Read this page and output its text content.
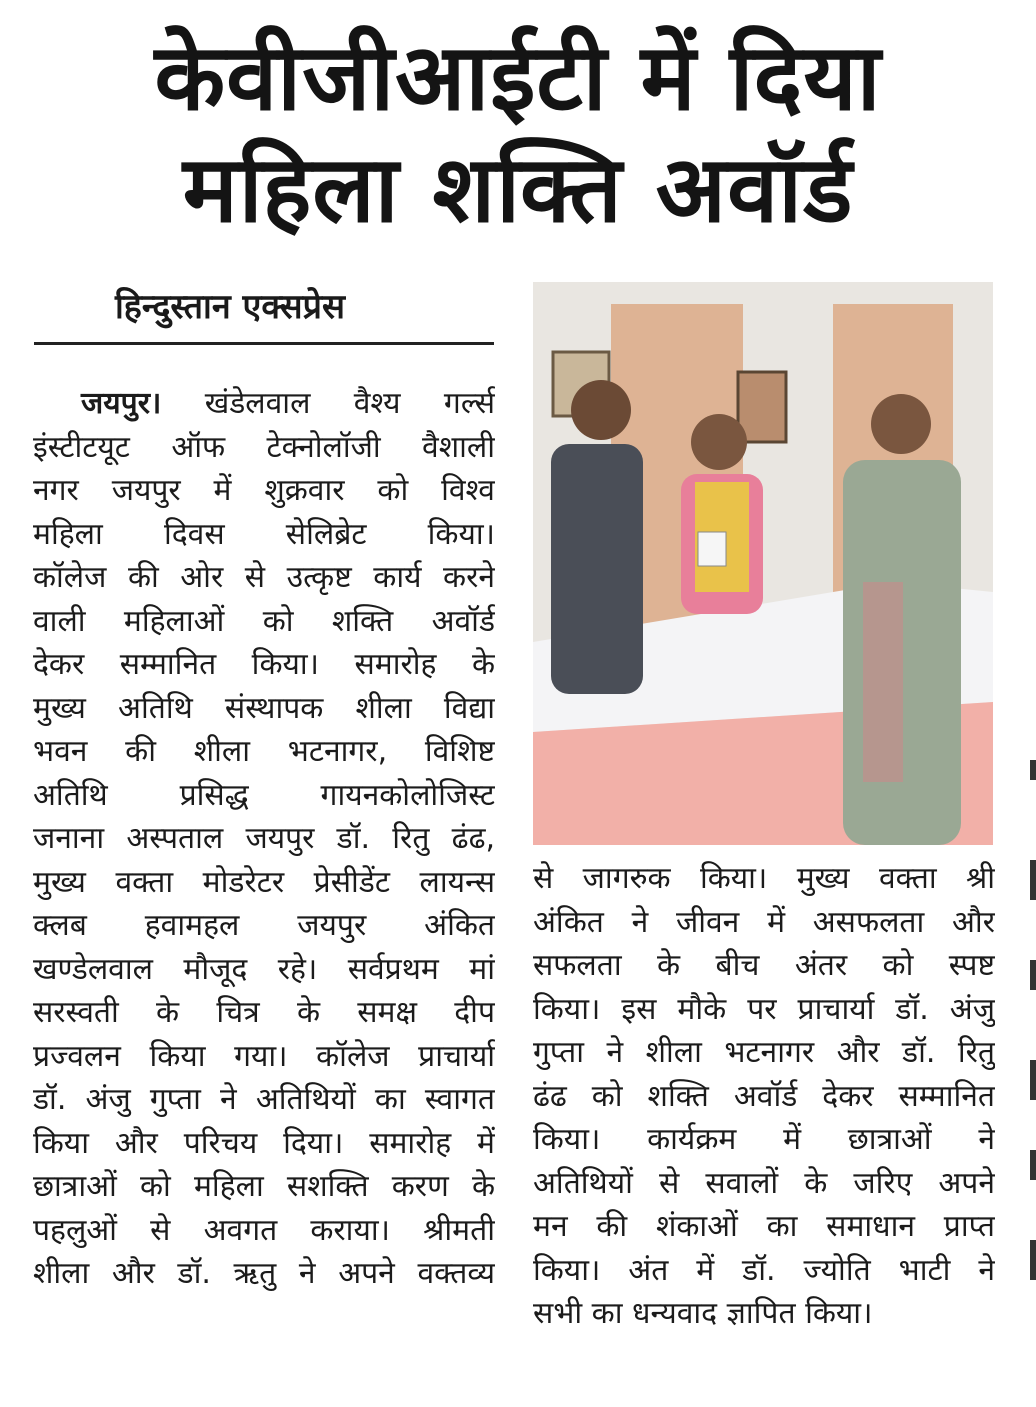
केवीजीआईटी में दिया
महिला शक्ति अवॉर्ड
हिन्दुस्तान एक्सप्रेस
जयपुर। खंडेलवाल वैश्य गर्ल्स
इंस्टीटयूट ऑफ टेक्नोलॉजी वैशाली
नगर जयपुर में शुक्रवार को विश्व
महिला दिवस सेलिब्रेट किया।
कॉलेज की ओर से उत्कृष्ट कार्य करने
वाली महिलाओं को शक्ति अवॉर्ड
देकर सम्मानित किया। समारोह के
मुख्य अतिथि संस्थापक शीला विद्या
भवन की शीला भटनागर, विशिष्ट
अतिथि प्रसिद्ध गायनकोलोजिस्ट
जनाना अस्पताल जयपुर डॉ. रितु ढंढ,
मुख्य वक्ता मोडरेटर प्रेसीडेंट लायन्स
क्लब हवामहल जयपुर अंकित
खण्डेलवाल मौजूद रहे। सर्वप्रथम मां
सरस्वती के चित्र के समक्ष दीप
प्रज्वलन किया गया। कॉलेज प्राचार्या
डॉ. अंजु गुप्ता ने अतिथियों का स्वागत
किया और परिचय दिया। समारोह में
छात्राओं को महिला सशक्ति करण के
पहलुओं से अवगत कराया। श्रीमती
शीला और डॉ. ऋतु ने अपने वक्तव्य
से जागरुक किया। मुख्य वक्ता श्री
अंकित ने जीवन में असफलता और
सफलता के बीच अंतर को स्पष्ट
किया। इस मौके पर प्राचार्या डॉ. अंजु
गुप्ता ने शीला भटनागर और डॉ. रितु
ढंढ को शक्ति अवॉर्ड देकर सम्मानित
किया। कार्यक्रम में छात्राओं ने
अतिथियों से सवालों के जरिए अपने
मन की शंकाओं का समाधान प्राप्त
किया। अंत में डॉ. ज्योति भाटी ने
सभी का धन्यवाद ज्ञापित किया।
